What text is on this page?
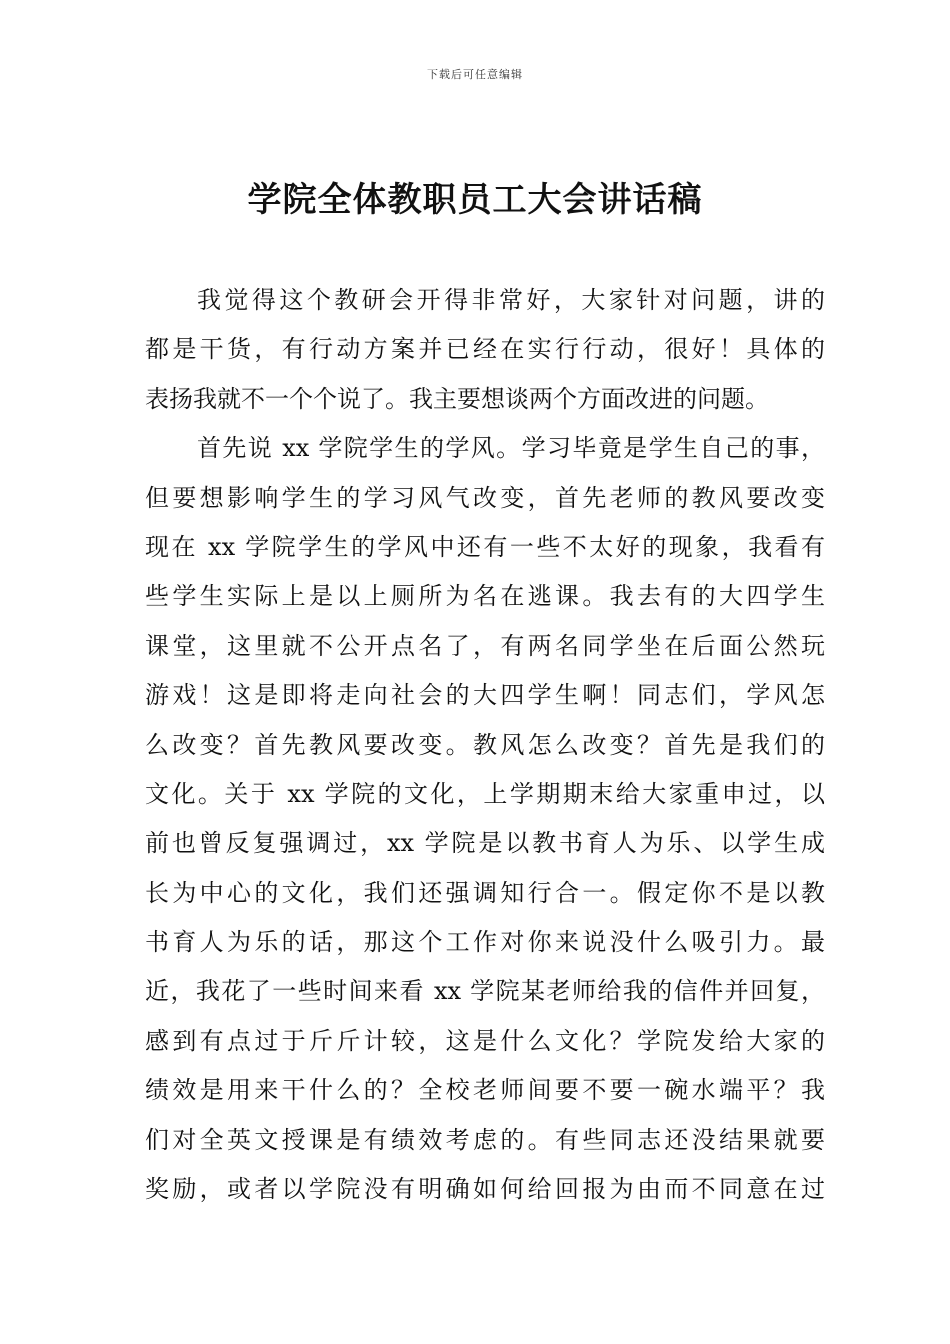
下载后可任意编辑
学院全体教职员工大会讲话稿
我觉得这个教研会开得非常好，大家针对问题，讲的
都是干货，有行动方案并已经在实行行动，很好！具体的
表扬我就不一个个说了。我主要想谈两个方面改进的问题。
首先说 xx 学院学生的学风。学习毕竟是学生自己的事，
但要想影响学生的学习风气改变，首先老师的教风要改变
现在 xx 学院学生的学风中还有一些不太好的现象，我看有
些学生实际上是以上厕所为名在逃课。我去有的大四学生
课堂，这里就不公开点名了，有两名同学坐在后面公然玩
游戏！这是即将走向社会的大四学生啊！同志们，学风怎
么改变？首先教风要改变。教风怎么改变？首先是我们的
文化。关于 xx 学院的文化，上学期期末给大家重申过，以
前也曾反复强调过，xx 学院是以教书育人为乐、以学生成
长为中心的文化，我们还强调知行合一。假定你不是以教
书育人为乐的话，那这个工作对你来说没什么吸引力。最
近，我花了一些时间来看 xx 学院某老师给我的信件并回复，
感到有点过于斤斤计较，这是什么文化？学院发给大家的
绩效是用来干什么的？全校老师间要不要一碗水端平？我
们对全英文授课是有绩效考虑的。有些同志还没结果就要
奖励，或者以学院没有明确如何给回报为由而不同意在过
